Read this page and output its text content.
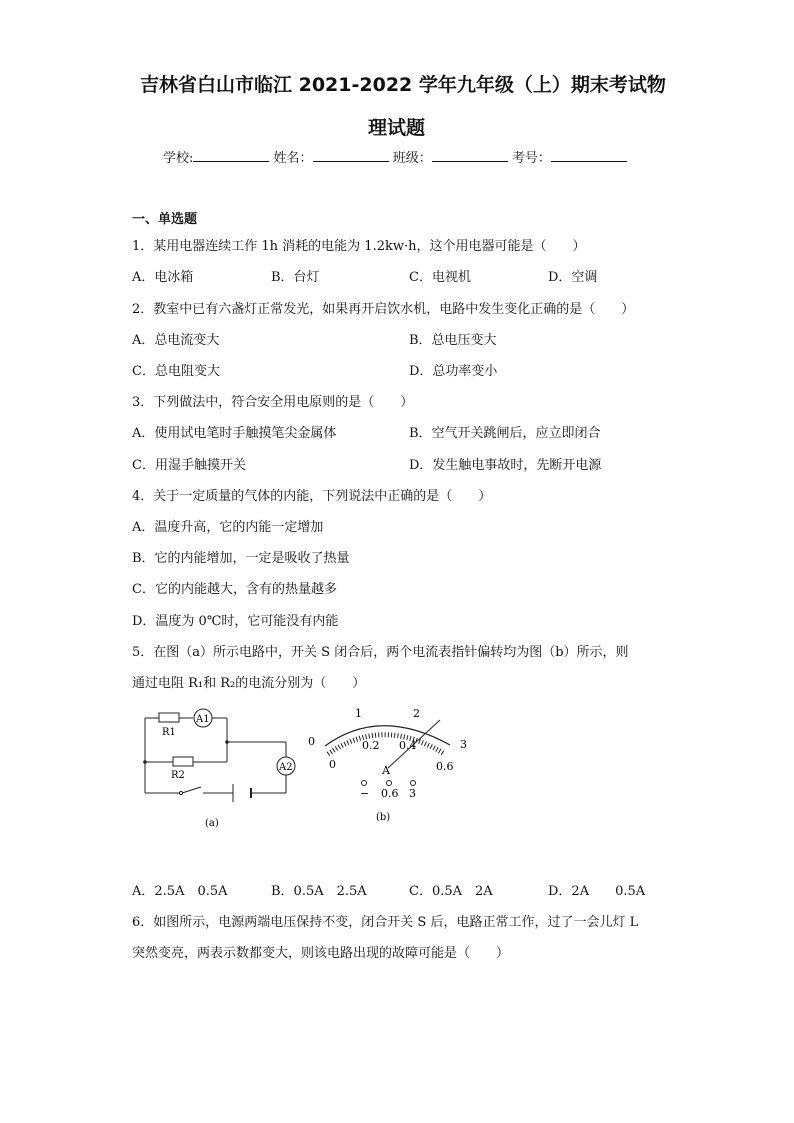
吉林省白山市临江 2021-2022 学年九年级（上）期末考试物
理试题
学校:	姓名：	班级：	考号：
一、单选题
1．某用电器连续工作 1h 消耗的电能为 1.2kw·h，这个用电器可能是（　　）
A．电冰箱	B．台灯	C．电视机	D．空调
2．教室中已有六盏灯正常发光，如果再开启饮水机，电路中发生变化正确的是（　　）
A．总电流变大	B．总电压变大
C．总电阻变大	D．总功率变小
3．下列做法中，符合安全用电原则的是（　　）
A．使用试电笔时手触摸笔尖金属体	B．空气开关跳闸后，应立即闭合
C．用湿手触摸开关	D．发生触电事故时，先断开电源
4．关于一定质量的气体的内能，下列说法中正确的是（　　）
A．温度升高，它的内能一定增加
B．它的内能增加，一定是吸收了热量
C．它的内能越大，含有的热量越多
D．温度为 0℃时，它可能没有内能
5．在图（a）所示电路中，开关 S 闭合后，两个电流表指针偏转均为图（b）所示，则
通过电阻 R₁和 R₂的电流分别为（　　）
R1
R2
A1
A2
(a)
0
1	2
3
0
0.2 0.4
0.6
A
− 0.6 3
(b)
A．2.5A　0.5A	B．0.5A　2.5A	C．0.5A　2A	D．2A　　0.5A
6．如图所示，电源两端电压保持不变，闭合开关 S 后，电路正常工作，过了一会儿灯 L
突然变亮，两表示数都变大，则该电路出现的故障可能是（　　）
